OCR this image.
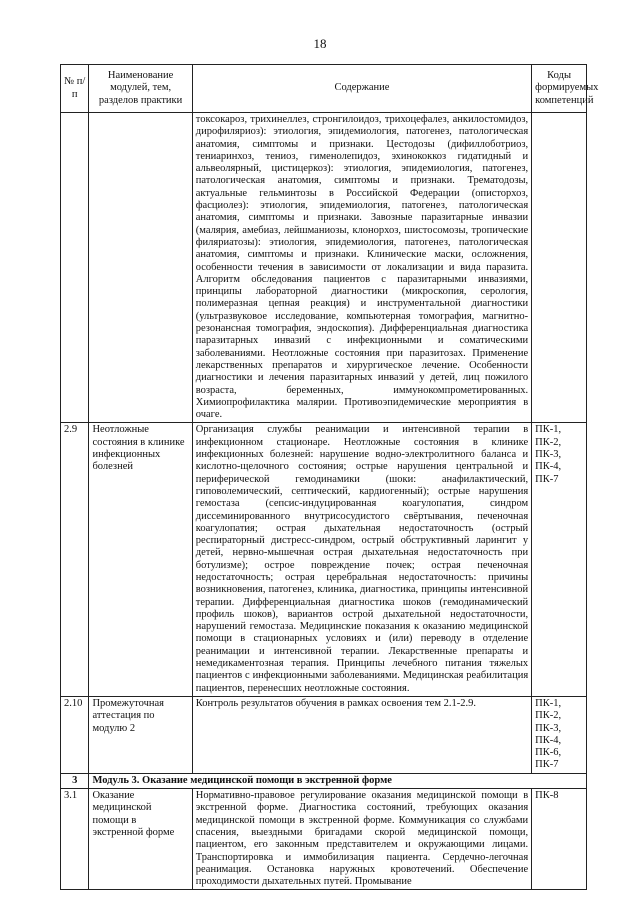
18
№ п/п	Наименование модулей, тем, разделов практики	Содержание	Коды формируемых компетенций
		токсокароз, трихинеллез, стронгилоидоз, трихоцефалез, анкилостомидоз, дирофиляриоз): этиология, эпидемиология, патогенез, патологическая анатомия, симптомы и признаки. Цестодозы (дифиллоботриоз, тениаринхоз, тениоз, гименолепидоз, эхинококкоз гидатидный и альвеолярный, цистицеркоз): этиология, эпидемиология, патогенез, патологическая анатомия, симптомы и признаки. Трематодозы, актуальные гельминтозы в Российской Федерации (описторхоз, фасциолез): этиология, эпидемиология, патогенез, патологическая анатомия, симптомы и признаки. Завозные паразитарные инвазии (малярия, амебиаз, лейшманиозы, клонорхоз, шистосомозы, тропические филяриатозы): этиология, эпидемиология, патогенез, патологическая анатомия, симптомы и признаки. Клинические маски, осложнения, особенности течения в зависимости от локализации и вида паразита. Алгоритм обследования пациентов с паразитарными инвазиями, принципы лабораторной диагностики (микроскопия, серология, полимеразная цепная реакция) и инструментальной диагностики (ультразвуковое исследование, компьютерная томография, магнитно-резонансная томография, эндоскопия). Дифференциальная диагностика паразитарных инвазий с инфекционными и соматическими заболеваниями. Неотложные состояния при паразитозах. Применение лекарственных препаратов и хирургическое лечение. Особенности диагностики и лечения паразитарных инвазий у детей, лиц пожилого возраста, беременных, иммунокомпрометированных. Химиопрофилактика малярии. Противоэпидемические мероприятия в очаге.	
2.9	Неотложные состояния в клинике инфекционных болезней	Организация службы реанимации и интенсивной терапии в инфекционном стационаре. Неотложные состояния в клинике инфекционных болезней: нарушение водно-электролитного баланса и кислотно-щелочного состояния; острые нарушения центральной и периферической гемодинамики (шоки: анафилактический, гиповолемический, септический, кардиогенный); острые нарушения гемостаза (сепсис-индуцированная коагулопатия, синдром диссеминированного внутрисосудистого свёртывания, печеночная коагулопатия; острая дыхательная недостаточность (острый респираторный дистресс-синдром, острый обструктивный ларингит у детей, нервно-мышечная острая дыхательная недостаточность при ботулизме); острое повреждение почек; острая печеночная недостаточность; острая церебральная недостаточность: причины возникновения, патогенез, клиника, диагностика, принципы интенсивной терапии. Дифференциальная диагностика шоков (гемодинамический профиль шоков), вариантов острой дыхательной недостаточности, нарушений гемостаза. Медицинские показания к оказанию медицинской помощи в стационарных условиях и (или) переводу в отделение реанимации и интенсивной терапии. Лекарственные препараты и немедикаментозная терапия. Принципы лечебного питания тяжелых пациентов с инфекционными заболеваниями. Медицинская реабилитация пациентов, перенесших неотложные состояния.	ПК-1, ПК-2, ПК-3, ПК-4, ПК-7
2.10	Промежуточная аттестация по модулю 2	Контроль результатов обучения в рамках освоения тем 2.1-2.9.	ПК-1, ПК-2, ПК-3, ПК-4, ПК-6, ПК-7
3	Модуль 3. Оказание медицинской помощи в экстренной форме		
3.1	Оказание медицинской помощи в экстренной форме	Нормативно-правовое регулирование оказания медицинской помощи в экстренной форме. Диагностика состояний, требующих оказания медицинской помощи в экстренной форме. Коммуникация со службами спасения, выездными бригадами скорой медицинской помощи, пациентом, его законным представителем и окружающими лицами. Транспортировка и иммобилизация пациента. Сердечно-легочная реанимация. Остановка наружных кровотечений. Обеспечение проходимости дыхательных путей. Промывание	ПК-8
